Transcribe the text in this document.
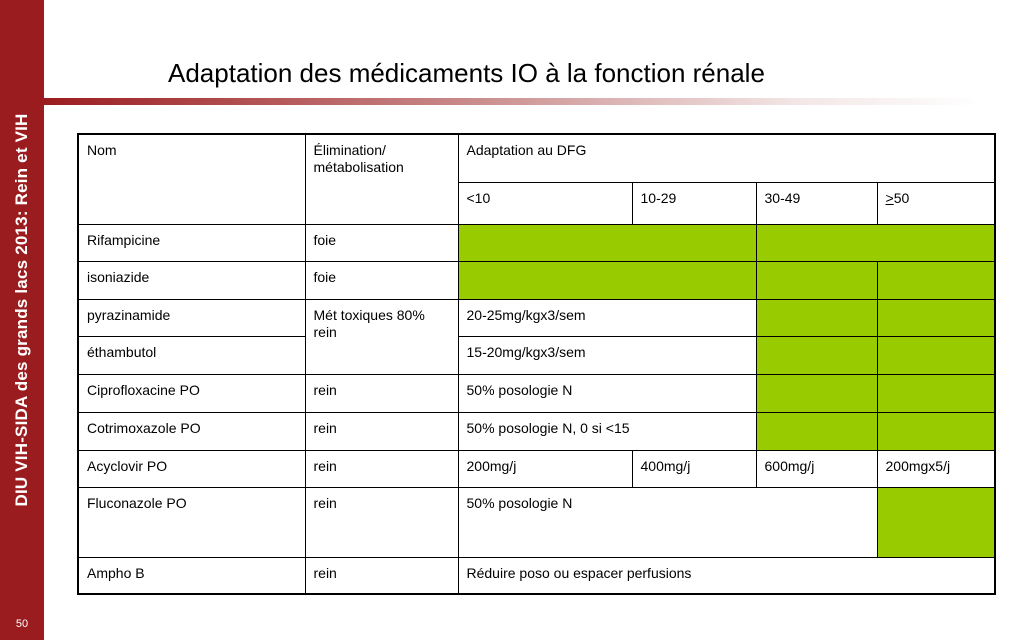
DIU VIH-SIDA des grands lacs 2013: Rein et VIH
50
Adaptation des médicaments IO à la fonction rénale
Nom	Élimination/ métabolisation	Adaptation au DFG			
		<10	10-29	30-49	≥50
Rifampicine	foie				
isoniazide	foie				
pyrazinamide	Mét toxiques 80% rein	20-25mg/kgx3/sem			
éthambutol		15-20mg/kgx3/sem			
Ciprofloxacine PO	rein	50% posologie N			
Cotrimoxazole PO	rein	50% posologie N, 0 si <15			
Acyclovir PO	rein	200mg/j	400mg/j	600mg/j	200mgx5/j
Fluconazole PO	rein	50% posologie N			
Ampho B	rein	Réduire poso ou espacer perfusions			
